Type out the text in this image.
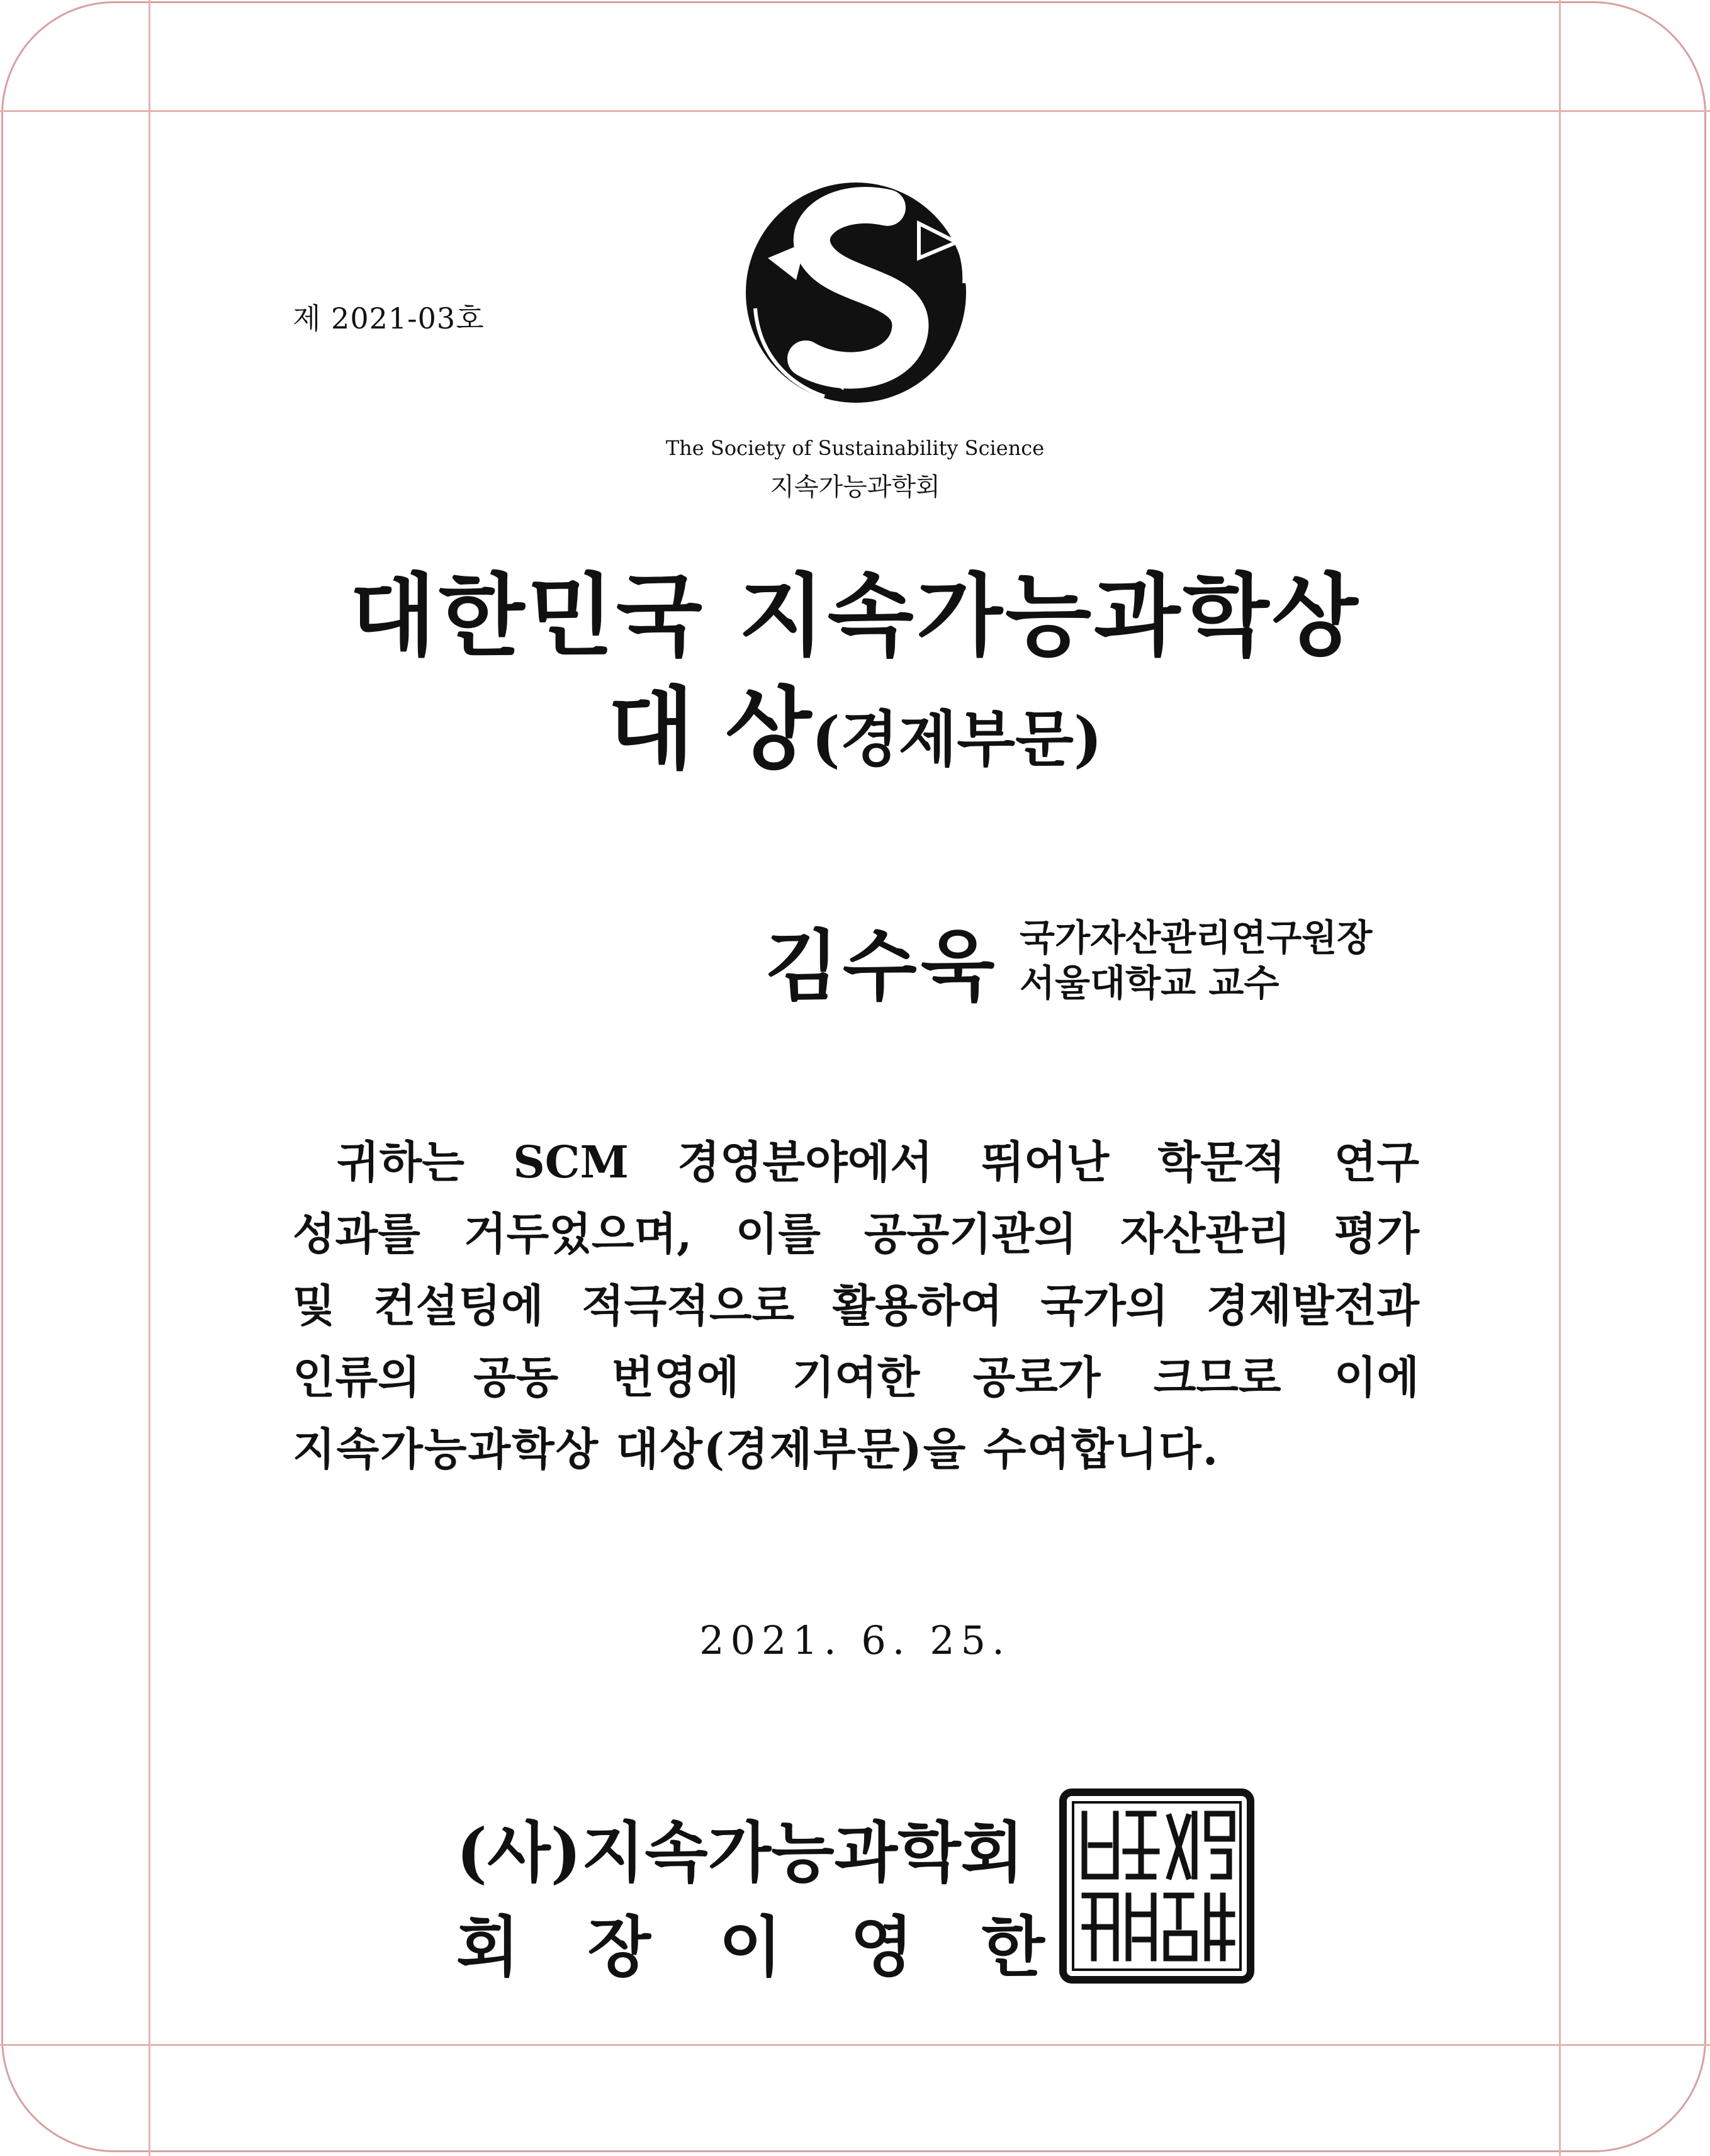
제 2021-03호
The Society of Sustainability Science
지속가능과학회
대한민국 지속가능과학상
대 상(경제부문)
김수욱 국가자산관리연구원장
서울대학교 교수
귀하는 SCM 경영분야에서 뛰어난 학문적 연구
성과를 거두었으며, 이를 공공기관의 자산관리 평가
및 컨설팅에 적극적으로 활용하여 국가의 경제발전과
인류의 공동 번영에 기여한 공로가 크므로 이에
지속가능과학상 대상(경제부문)을 수여합니다.
2021. 6. 25.
(사)지속가능과학회
회 장 이 영 한
